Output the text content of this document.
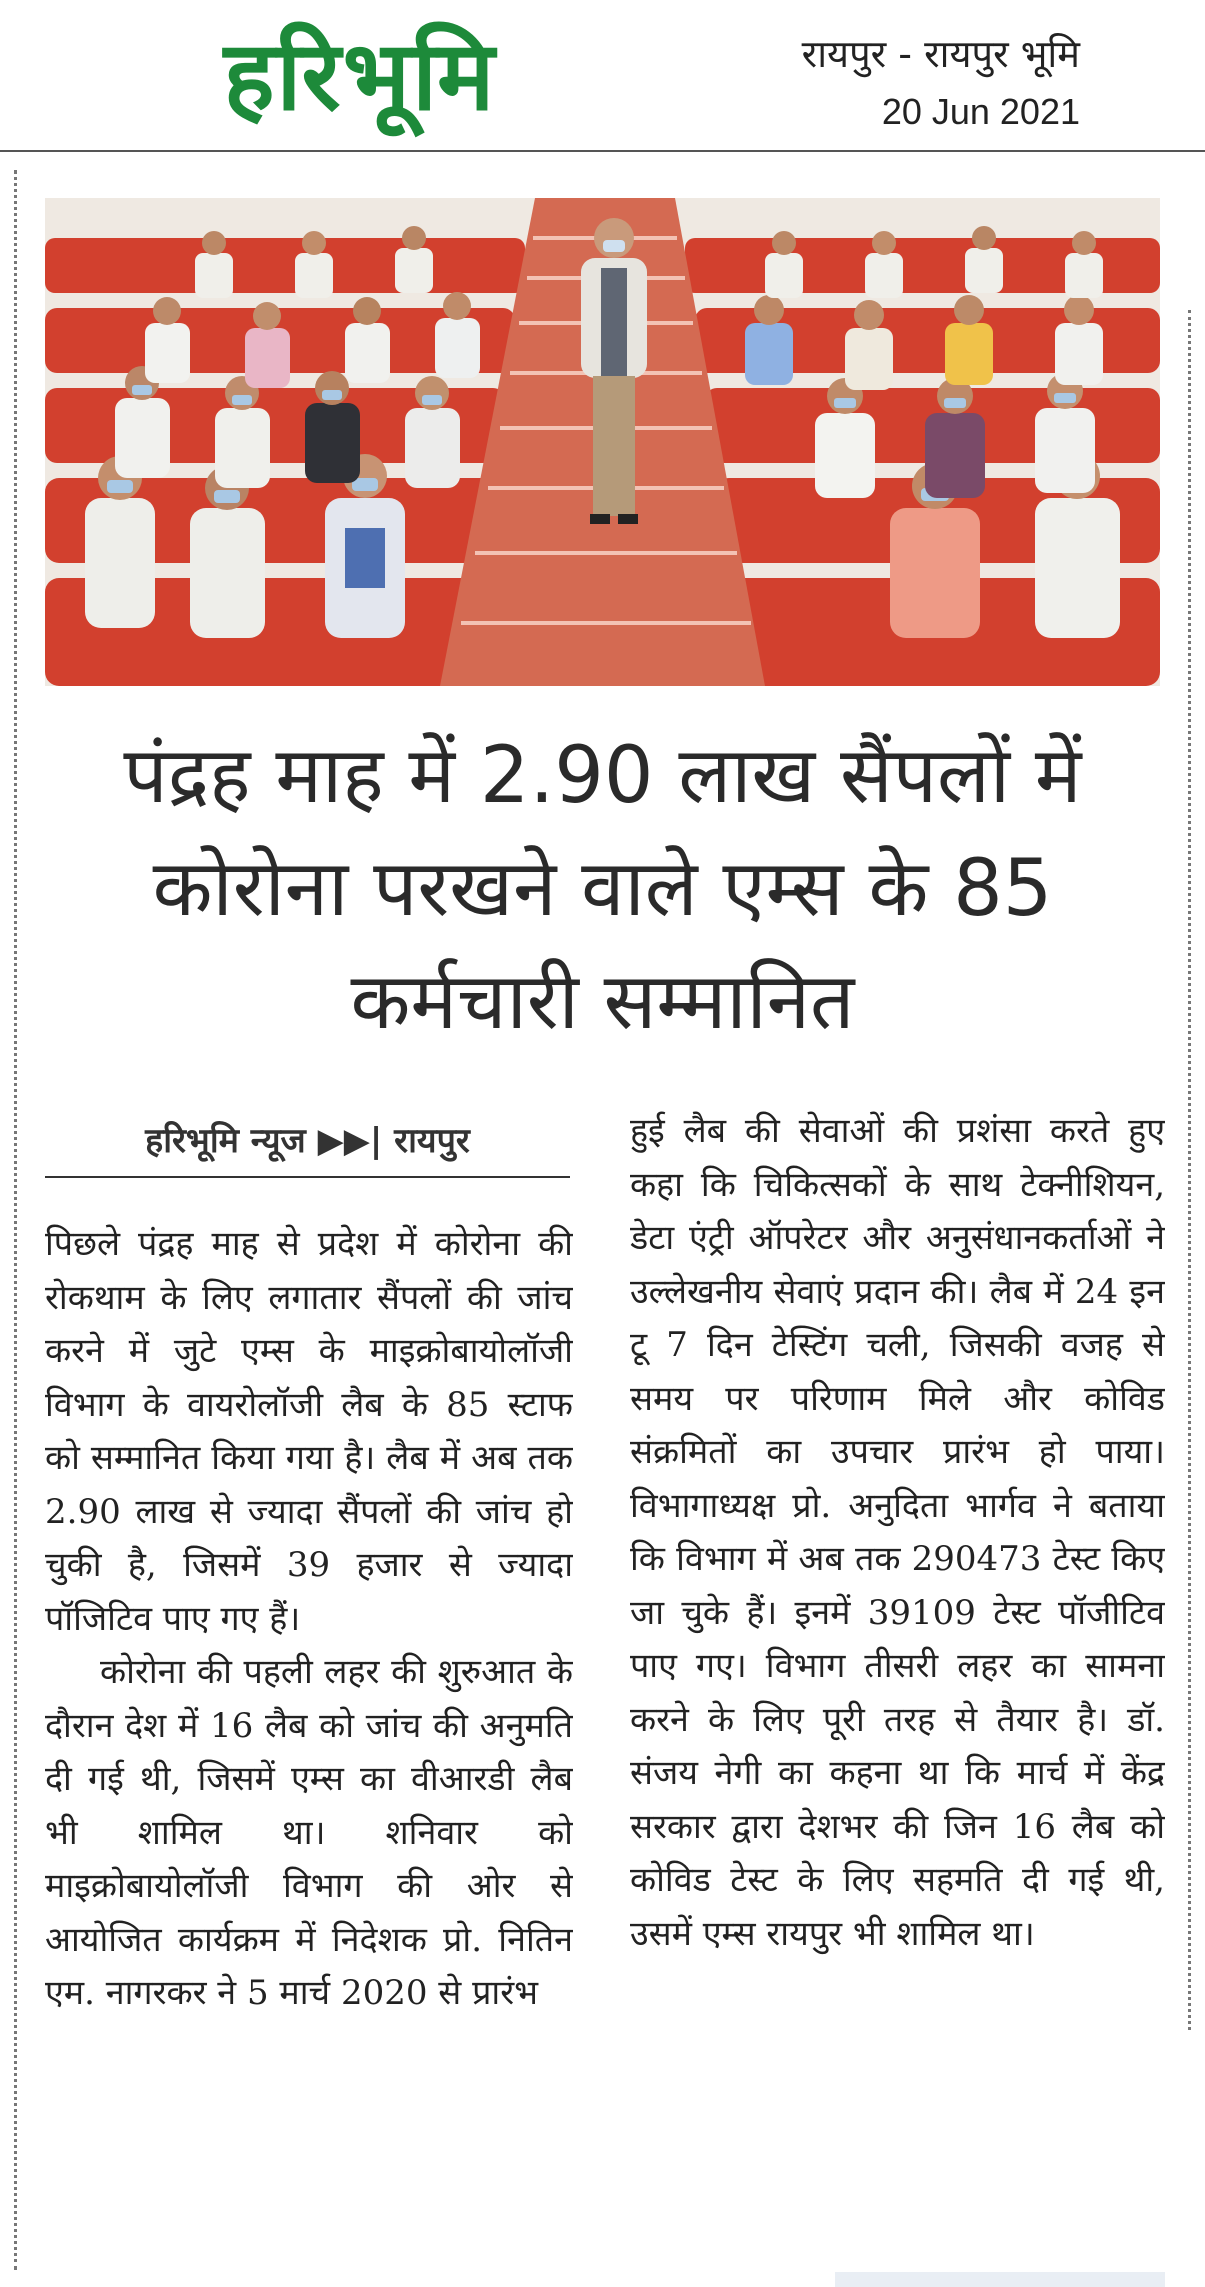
हरिभूमि	रायपुर - रायपुर भूमि
20 Jun 2021
पंद्रह माह में 2.90 लाख सैंपलों में कोरोना परखने वाले एम्स के 85 कर्मचारी सम्मानित
हरिभूमि न्यूज ▶▶| रायपुर

पिछले पंद्रह माह से प्रदेश में कोरोना की रोकथाम के लिए लगातार सैंपलों की जांच करने में जुटे एम्स के माइक्रोबायोलॉजी विभाग के वायरोलॉजी लैब के 85 स्टाफ को सम्मानित किया गया है। लैब में अब तक 2.90 लाख से ज्यादा सैंपलों की जांच हो चुकी है, जिसमें 39 हजार से ज्यादा पॉजिटिव पाए गए हैं।

कोरोना की पहली लहर की शुरुआत के दौरान देश में 16 लैब को जांच की अनुमति दी गई थी, जिसमें एम्स का वीआरडी लैब भी शामिल था। शनिवार को माइक्रोबायोलॉजी विभाग की ओर से आयोजित कार्यक्रम में निदेशक प्रो. नितिन एम. नागरकर ने 5 मार्च 2020 से प्रारंभ

हुई लैब की सेवाओं की प्रशंसा करते हुए कहा कि चिकित्सकों के साथ टेक्नीशियन, डेटा एंट्री ऑपरेटर और अनुसंधानकर्ताओं ने उल्लेखनीय सेवाएं प्रदान की। लैब में 24 इन टू 7 दिन टेस्टिंग चली, जिसकी वजह से समय पर परिणाम मिले और कोविड संक्रमितों का उपचार प्रारंभ हो पाया। विभागाध्यक्ष प्रो. अनुदिता भार्गव ने बताया कि विभाग में अब तक 290473 टेस्ट किए जा चुके हैं। इनमें 39109 टेस्ट पॉजीटिव पाए गए। विभाग तीसरी लहर का सामना करने के लिए पूरी तरह से तैयार है। डॉ. संजय नेगी का कहना था कि मार्च में केंद्र सरकार द्वारा देशभर की जिन 16 लैब को कोविड टेस्ट के लिए सहमति दी गई थी, उसमें एम्स रायपुर भी शामिल था।
